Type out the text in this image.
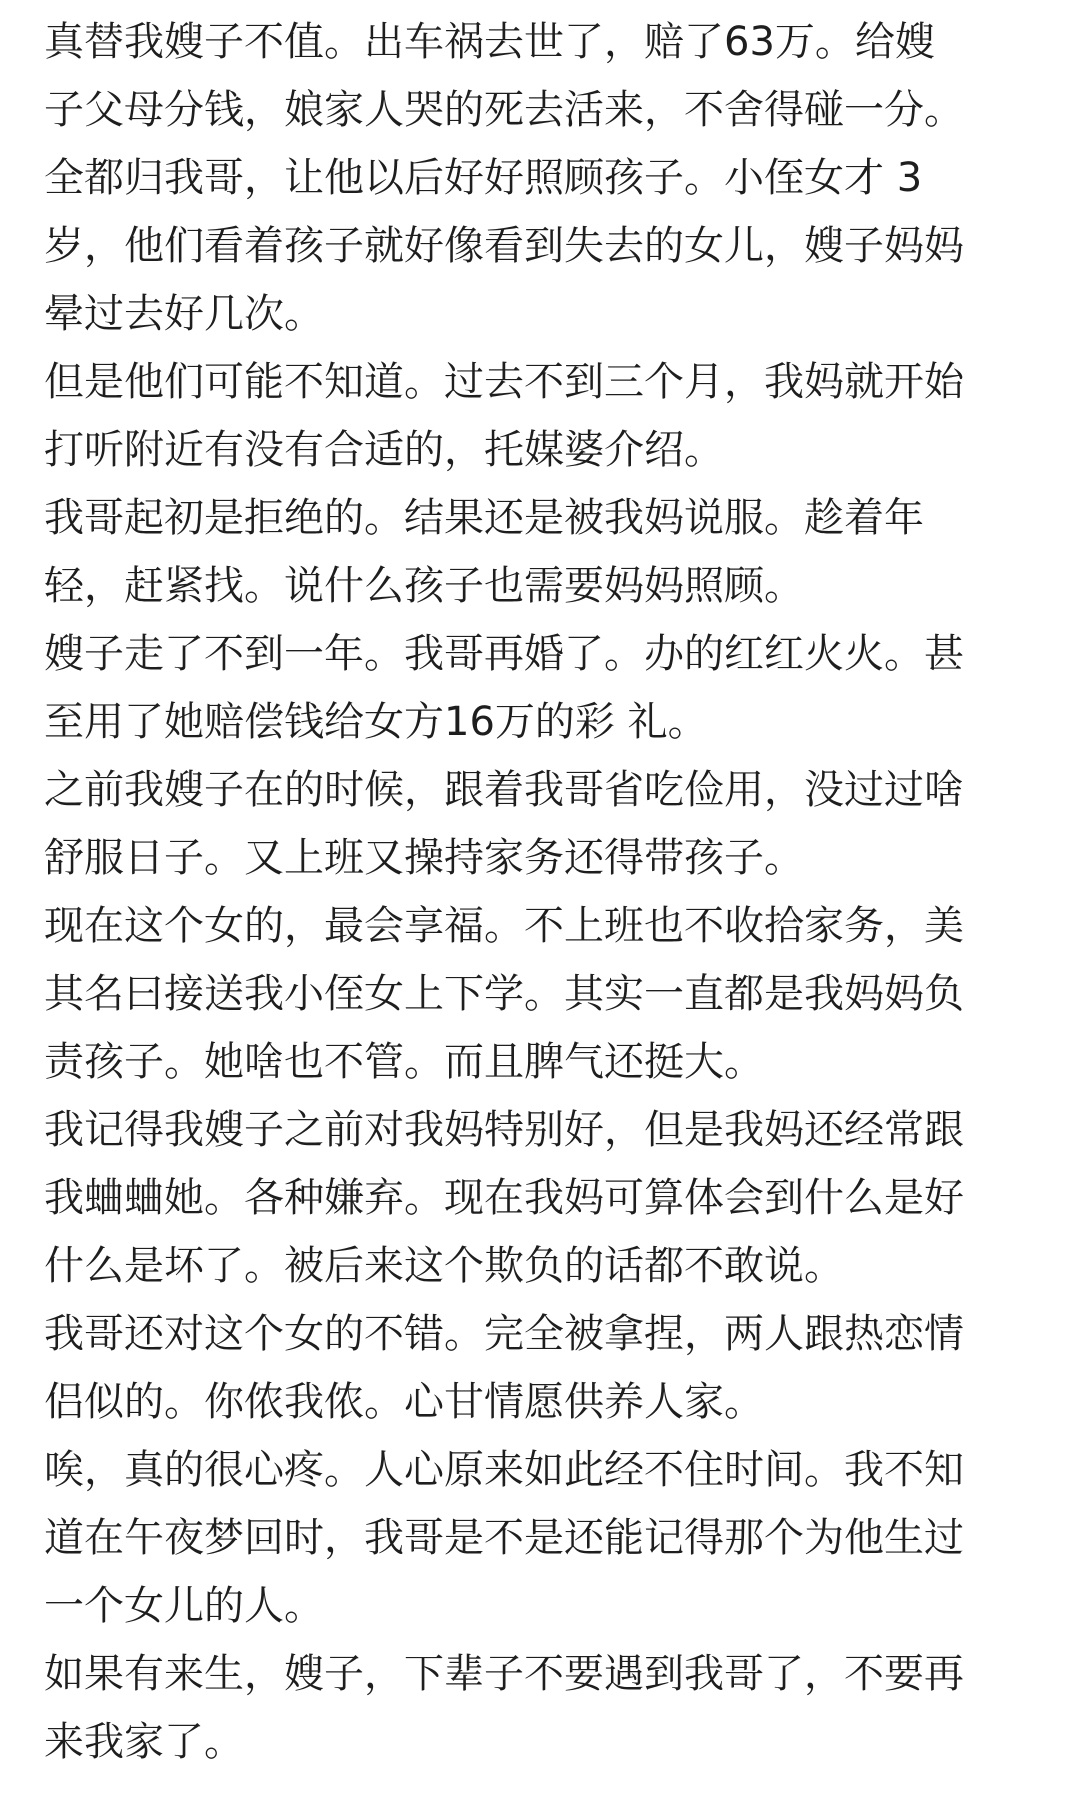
真替我嫂子不值。出车祸去世了，赔了63万。给嫂
子父母分钱，娘家人哭的死去活来，不舍得碰一分。
全都归我哥，让他以后好好照顾孩子。小侄女才 3
岁，他们看着孩子就好像看到失去的女儿，嫂子妈妈
晕过去好几次。
但是他们可能不知道。过去不到三个月，我妈就开始
打听附近有没有合适的，托媒婆介绍。
我哥起初是拒绝的。结果还是被我妈说服。趁着年
轻，赶紧找。说什么孩子也需要妈妈照顾。
嫂子走了不到一年。我哥再婚了。办的红红火火。甚
至用了她赔偿钱给女方16万的彩 礼。
之前我嫂子在的时候，跟着我哥省吃俭用，没过过啥
舒服日子。又上班又操持家务还得带孩子。
现在这个女的，最会享福。不上班也不收拾家务，美
其名曰接送我小侄女上下学。其实一直都是我妈妈负
责孩子。她啥也不管。而且脾气还挺大。
我记得我嫂子之前对我妈特别好，但是我妈还经常跟
我蛐蛐她。各种嫌弃。现在我妈可算体会到什么是好
什么是坏了。被后来这个欺负的话都不敢说。
我哥还对这个女的不错。完全被拿捏，两人跟热恋情
侣似的。你侬我侬。心甘情愿供养人家。
唉，真的很心疼。人心原来如此经不住时间。我不知
道在午夜梦回时，我哥是不是还能记得那个为他生过
一个女儿的人。
如果有来生，嫂子，下辈子不要遇到我哥了，不要再
来我家了。
